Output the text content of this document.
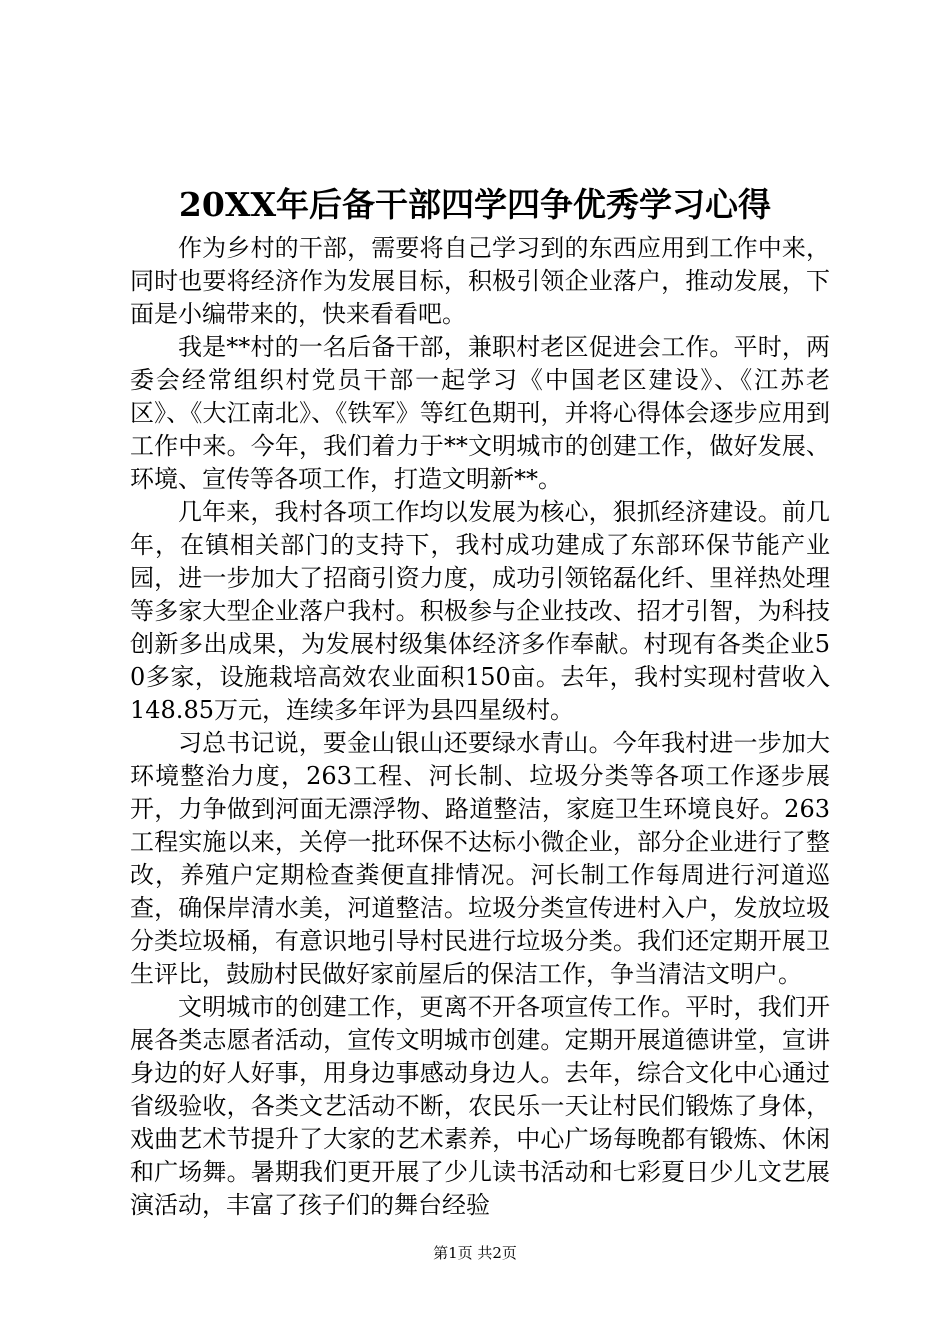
20XX年后备干部四学四争优秀学习心得

作为乡村的干部，需要将自己学习到的东西应用到工作中来，同时也要将经济作为发展目标，积极引领企业落户，推动发展，下面是小编带来的，快来看看吧。

我是**村的一名后备干部，兼职村老区促进会工作。平时，两委会经常组织村党员干部一起学习《中国老区建设》、《江苏老区》、《大江南北》、《铁军》等红色期刊，并将心得体会逐步应用到工作中来。今年，我们着力于**文明城市的创建工作，做好发展、环境、宣传等各项工作，打造文明新**。

几年来，我村各项工作均以发展为核心，狠抓经济建设。前几年，在镇相关部门的支持下，我村成功建成了东部环保节能产业园，进一步加大了招商引资力度，成功引领铭磊化纤、里祥热处理等多家大型企业落户我村。积极参与企业技改、招才引智，为科技创新多出成果，为发展村级集体经济多作奉献。村现有各类企业50多家，设施栽培高效农业面积150亩。去年，我村实现村营收入148.85万元，连续多年评为县四星级村。

习总书记说，要金山银山还要绿水青山。今年我村进一步加大环境整治力度，263工程、河长制、垃圾分类等各项工作逐步展开，力争做到河面无漂浮物、路道整洁，家庭卫生环境良好。263工程实施以来，关停一批环保不达标小微企业，部分企业进行了整改，养殖户定期检查粪便直排情况。河长制工作每周进行河道巡查，确保岸清水美，河道整洁。垃圾分类宣传进村入户，发放垃圾分类垃圾桶，有意识地引导村民进行垃圾分类。我们还定期开展卫生评比，鼓励村民做好家前屋后的保洁工作，争当清洁文明户。

文明城市的创建工作，更离不开各项宣传工作。平时，我们开展各类志愿者活动，宣传文明城市创建。定期开展道德讲堂，宣讲身边的好人好事，用身边事感动身边人。去年，综合文化中心通过省级验收，各类文艺活动不断，农民乐一天让村民们锻炼了身体，戏曲艺术节提升了大家的艺术素养，中心广场每晚都有锻炼、休闲和广场舞。暑期我们更开展了少儿读书活动和七彩夏日少儿文艺展演活动，丰富了孩子们的舞台经验

第1页 共2页
